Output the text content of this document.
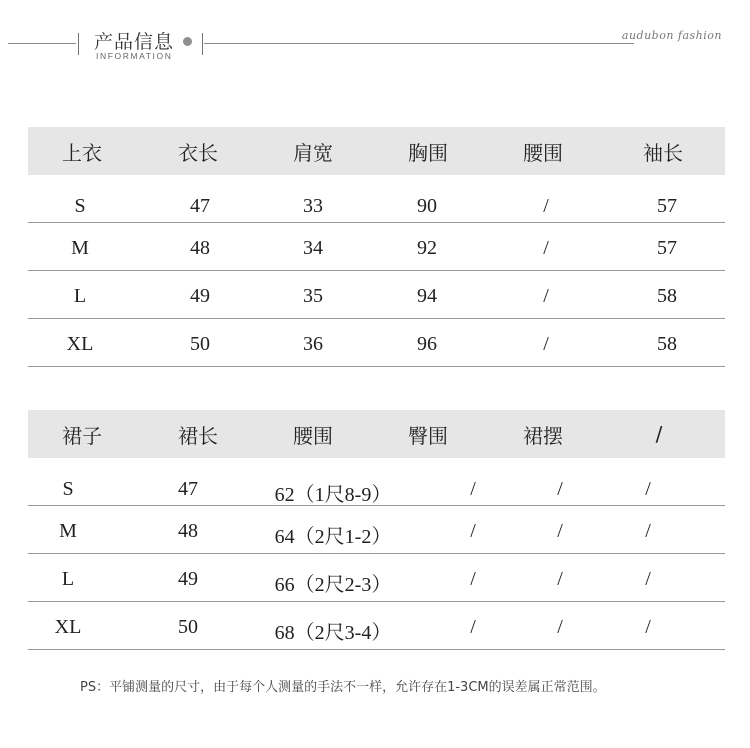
产品信息
INFORMATION
audubon fashion
上衣	衣长	肩宽	胸围	腰围	袖长
S	47	33	90	/	57
M	48	34	92	/	57
L	49	35	94	/	58
XL	50	36	96	/	58
裙子	裙长	腰围	臀围	裙摆	/
S	47	62（1尺8-9）	/	/	/
M	48	64（2尺1-2）	/	/	/
L	49	66（2尺2-3）	/	/	/
XL	50	68（2尺3-4）	/	/	/
PS：平铺测量的尺寸，由于每个人测量的手法不一样，允许存在1-3CM的误差属正常范围。
